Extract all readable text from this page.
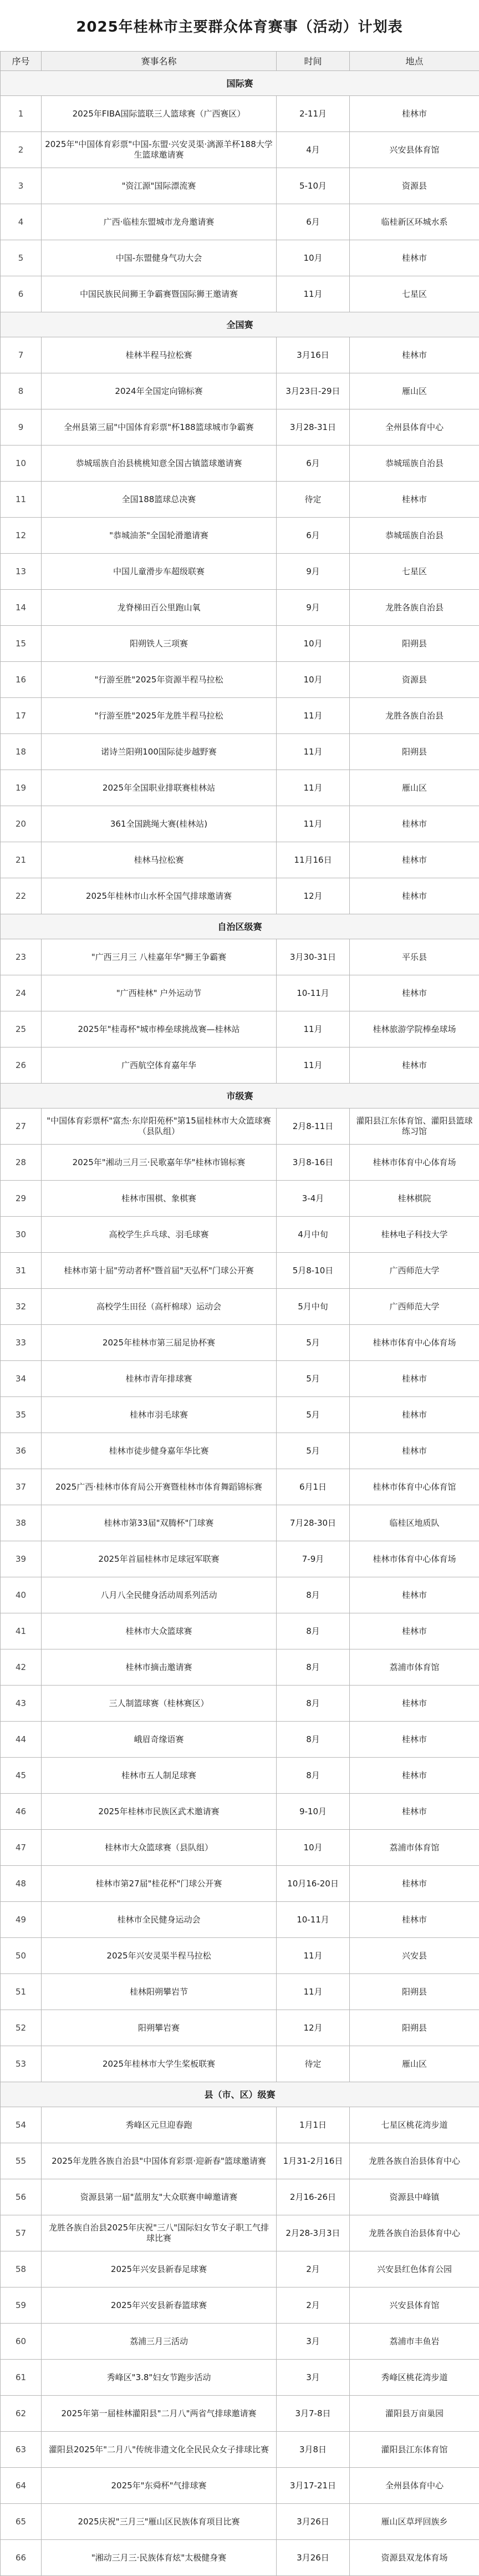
2025年桂林市主要群众体育赛事（活动）计划表
序号	赛事名称	时间	地点
国际赛			
1	2025年FIBA国际篮联三人篮球赛（广西赛区）	2-11月	桂林市
2	2025年"中国体育彩票"中国-东盟·兴安灵渠·漓源羊杯188大学生篮球邀请赛	4月	兴安县体育馆
3	"资江源"国际漂流赛	5-10月	资源县
4	广西·临桂东盟城市龙舟邀请赛	6月	临桂新区环城水系
5	中国-东盟健身气功大会	10月	桂林市
6	中国民族民间狮王争霸赛暨国际狮王邀请赛	11月	七星区
全国赛			
7	桂林半程马拉松赛	3月16日	桂林市
8	2024年全国定向锦标赛	3月23日-29日	雁山区
9	全州县第三届"中国体育彩票"杯188篮球城市争霸赛	3月28-31日	全州县体育中心
10	恭城瑶族自治县桃桃知意全国古镇篮球邀请赛	6月	恭城瑶族自治县
11	全国188篮球总决赛	待定	桂林市
12	"恭城油茶"全国轮滑邀请赛	6月	恭城瑶族自治县
13	中国儿童滑步车超级联赛	9月	七星区
14	龙脊梯田百公里跑山氧	9月	龙胜各族自治县
15	阳朔铁人三项赛	10月	阳朔县
16	"行游至胜"2025年资源半程马拉松	10月	资源县
17	"行游至胜"2025年龙胜半程马拉松	11月	龙胜各族自治县
18	诺诗兰阳朔100国际徒步越野赛	11月	阳朔县
19	2025年全国职业排联赛桂林站	11月	雁山区
20	361全国跳绳大赛(桂林站)	11月	桂林市
21	桂林马拉松赛	11月16日	桂林市
22	2025年桂林市山水杯全国气排球邀请赛	12月	桂林市
自治区级赛			
23	"广西三月三 八桂嘉年华"狮王争霸赛	3月30-31日	平乐县
24	"广西桂林" 户外运动节	10-11月	桂林市
25	2025年"桂毒杯"城市棒垒球挑战赛—桂林站	11月	桂林旅游学院棒垒球场
26	广西航空体育嘉年华	11月	桂林市
市级赛			
27	"中国体育彩票杯"富杰·东岸阳苑杯"第15届桂林市大众篮球赛（县队组）	2月8-11日	灌阳县江东体育馆、灌阳县篮球练习馆
28	2025年"湘动三月三·民歌嘉年华"桂林市锦标赛	3月8-16日	桂林市体育中心体育场
29	桂林市围棋、象棋赛	3-4月	桂林棋院
30	高校学生乒乓球、羽毛球赛	4月中旬	桂林电子科技大学
31	桂林市第十届"劳动者杯"暨首届"天弘杯"门球公开赛	5月8-10日	广西师范大学
32	高校学生田径（高杆棉球）运动会	5月中旬	广西师范大学
33	2025年桂林市第三届足协杯赛	5月	桂林市体育中心体育场
34	桂林市青年排球赛	5月	桂林市
35	桂林市羽毛球赛	5月	桂林市
36	桂林市徒步健身嘉年华比赛	5月	桂林市
37	2025广西·桂林市体育局公开赛暨桂林市体育舞蹈锦标赛	6月1日	桂林市体育中心体育馆
38	桂林市第33届"双腾杯"门球赛	7月28-30日	临桂区地质队
39	2025年首届桂林市足球冠军联赛	7-9月	桂林市体育中心体育场
40	八月八全民健身活动周系列活动	8月	桂林市
41	桂林市大众篮球赛	8月	桂林市
42	桂林市摘击邀请赛	8月	荔浦市体育馆
43	三人制篮球赛（桂林赛区）	8月	桂林市
44	峨眉奇缘语赛	8月	桂林市
45	桂林市五人制足球赛	8月	桂林市
46	2025年桂林市民族区武术邀请赛	9-10月	桂林市
47	桂林市大众篮球赛（县队组）	10月	荔浦市体育馆
48	桂林市第27届"桂花杯"门球公开赛	10月16-20日	桂林市
49	桂林市全民健身运动会	10-11月	桂林市
50	2025年兴安灵渠半程马拉松	11月	兴安县
51	桂林阳朔攀岩节	11月	阳朔县
52	阳朔攀岩赛	12月	阳朔县
53	2025年桂林市大学生桨板联赛	待定	雁山区
县（市、区）级赛			
54	秀峰区元旦迎春跑	1月1日	七星区桃花湾步道
55	2025年龙胜各族自治县"中国体育彩票·迎新春"篮球邀请赛	1月31-2月16日	龙胜各族自治县体育中心
56	资源县第一届"蓝朋友"大众联赛申嶂邀请赛	2月16-26日	资源县中峰镇
57	龙胜各族自治县2025年庆祝"三八"国际妇女节女子职工气排球比赛	2月28-3月3日	龙胜各族自治县体育中心
58	2025年兴安县新春足球赛	2月	兴安县红色体育公园
59	2025年兴安县新春篮球赛	2月	兴安县体育馆
60	荔浦三月三活动	3月	荔浦市丰鱼岩
61	秀峰区"3.8"妇女节跑步活动	3月	秀峰区桃花湾步道
62	2025年第一届桂林灌阳县"二月八"两省气排球邀请赛	3月7-8日	灌阳县万亩巢园
63	灌阳县2025年"二月八"传统非遗文化全民民众女子排球比赛	3月8日	灌阳县江东体育馆
64	2025年"东舜杯"气排球赛	3月17-21日	全州县体育中心
65	2025庆祝"三月三"雁山区民族体育项目比赛	3月26日	雁山区草坪回族乡
66	"湘动三月三·民族体育炫"太极健身赛	3月26日	资源县双龙体育场
